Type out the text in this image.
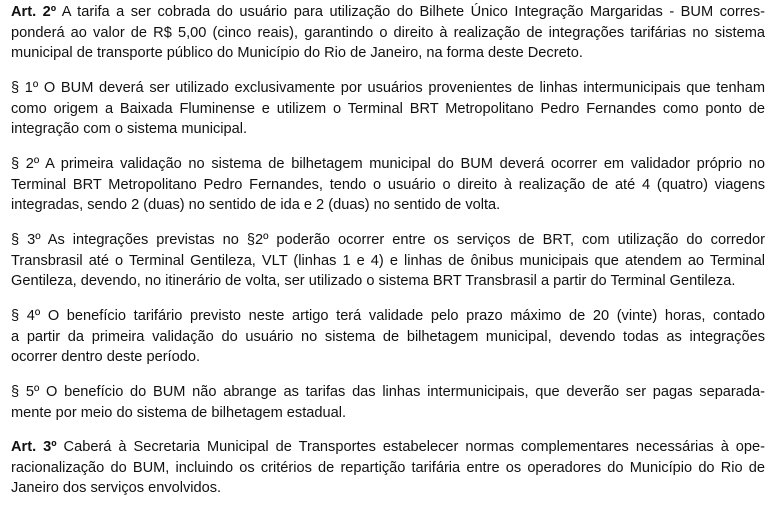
Art. 2º A tarifa a ser cobrada do usuário para utilização do Bilhete Único Integração Margaridas - BUM corres-
ponderá ao valor de R$ 5,00 (cinco reais), garantindo o direito à realização de integrações tarifárias no sistema
municipal de transporte público do Município do Rio de Janeiro, na forma deste Decreto.
§ 1º O BUM deverá ser utilizado exclusivamente por usuários provenientes de linhas intermunicipais que tenham
como origem a Baixada Fluminense e utilizem o Terminal BRT Metropolitano Pedro Fernandes como ponto de
integração com o sistema municipal.
§ 2º A primeira validação no sistema de bilhetagem municipal do BUM deverá ocorrer em validador próprio no
Terminal BRT Metropolitano Pedro Fernandes, tendo o usuário o direito à realização de até 4 (quatro) viagens
integradas, sendo 2 (duas) no sentido de ida e 2 (duas) no sentido de volta.
§ 3º As integrações previstas no §2º poderão ocorrer entre os serviços de BRT, com utilização do corredor
Transbrasil até o Terminal Gentileza, VLT (linhas 1 e 4) e linhas de ônibus municipais que atendem ao Terminal
Gentileza, devendo, no itinerário de volta, ser utilizado o sistema BRT Transbrasil a partir do Terminal Gentileza.
§ 4º O benefício tarifário previsto neste artigo terá validade pelo prazo máximo de 20 (vinte) horas, contado
a partir da primeira validação do usuário no sistema de bilhetagem municipal, devendo todas as integrações
ocorrer dentro deste período.
§ 5º O benefício do BUM não abrange as tarifas das linhas intermunicipais, que deverão ser pagas separada-
mente por meio do sistema de bilhetagem estadual.
Art. 3º Caberá à Secretaria Municipal de Transportes estabelecer normas complementares necessárias à ope-
racionalização do BUM, incluindo os critérios de repartição tarifária entre os operadores do Município do Rio de
Janeiro dos serviços envolvidos.
